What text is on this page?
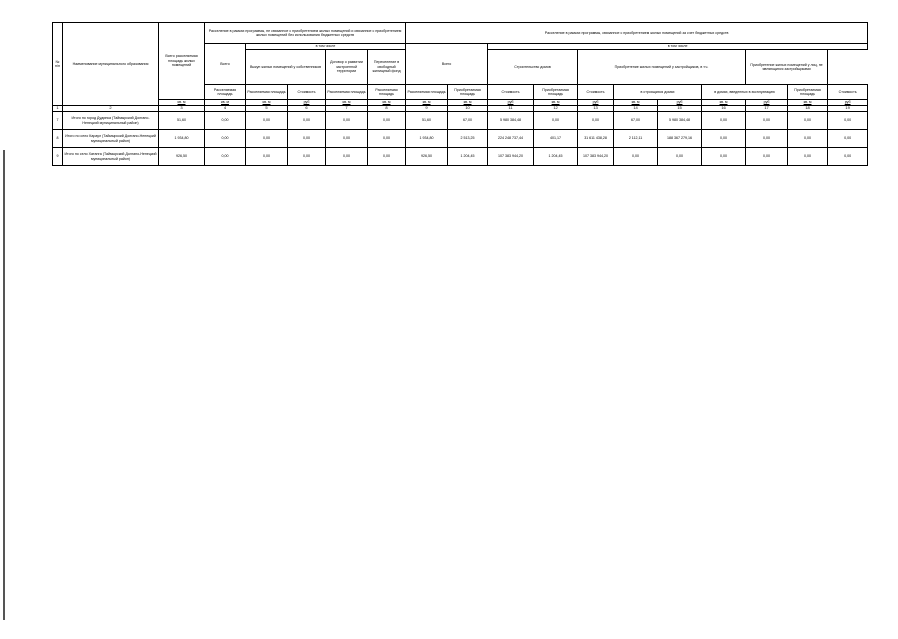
№ п/п	Наименование муниципального образования	Всего расселяемая площадь жилых помещений	Расселение в рамках программы, не связанное с приобретением жилых помещений и связанное с приобретением жилых помещений без использования бюджетных средств					Расселение в рамках программы, связанное с приобретением жилых помещений за счет бюджетных средств										
			Всего	в том числе				Всего		в том числе								
				Выкуп жилых помещений у собственников		Договор о развитии застроенной территории	Переселение в свободный жилищный фонд			Строительство домов		Приобретение жилых помещений у застройщиков, в т.ч.				Приобретение жилых помещений у лиц, не являющихся застройщиками		
			Расселяемая площадь	Расселяемая площадь	Стоимость	Расселяемая площадь	Расселяемая площадь	Расселяемая площадь	Приобретаемая площадь	Стоимость	Приобретаемая площадь	Стоимость	в строящихся домах		в домах, введенных в эксплуатацию		Приобретаемая площадь	Стоимость
		кв. м	кв. м	кв. м	руб	кв. м	кв. м	кв. м	кв. м	руб	кв. м	руб	кв. м	руб	кв. м	руб	кв. м	руб
1	2	3	4	5	6	7	8	9	10	11	12	13	14	15	16	17	18	19
7	Итого по город Дудинка (Таймырский Долгано-Ненецкий муниципальный район)	51,60	0,00	0,00	0,00	0,00	0,00	51,60	67,00	5 980 384,48	0,00	0,00	67,00	5 980 384,48	0,00	0,00	0,00	0,00
8	Итого по село Караул (Таймырский Долгано-Ненецкий муниципальный район)	1 934,80	0,00	0,00	0,00	0,00	0,00	1 934,80	2 513,25	224 248 737,44	401,17	31 611 438,28	2 112,11	188 367 279,16	0,00	0,00	0,00	0,00
9	Итого по село Хатанга (Таймырский Долгано-Ненецкий муниципальный район)	926,50	0,00	0,00	0,00	0,00	0,00	926,50	1 204,45	107 383 944,20	1 204,45	107 383 944,20	0,00	0,00	0,00	0,00	0,00	0,00
